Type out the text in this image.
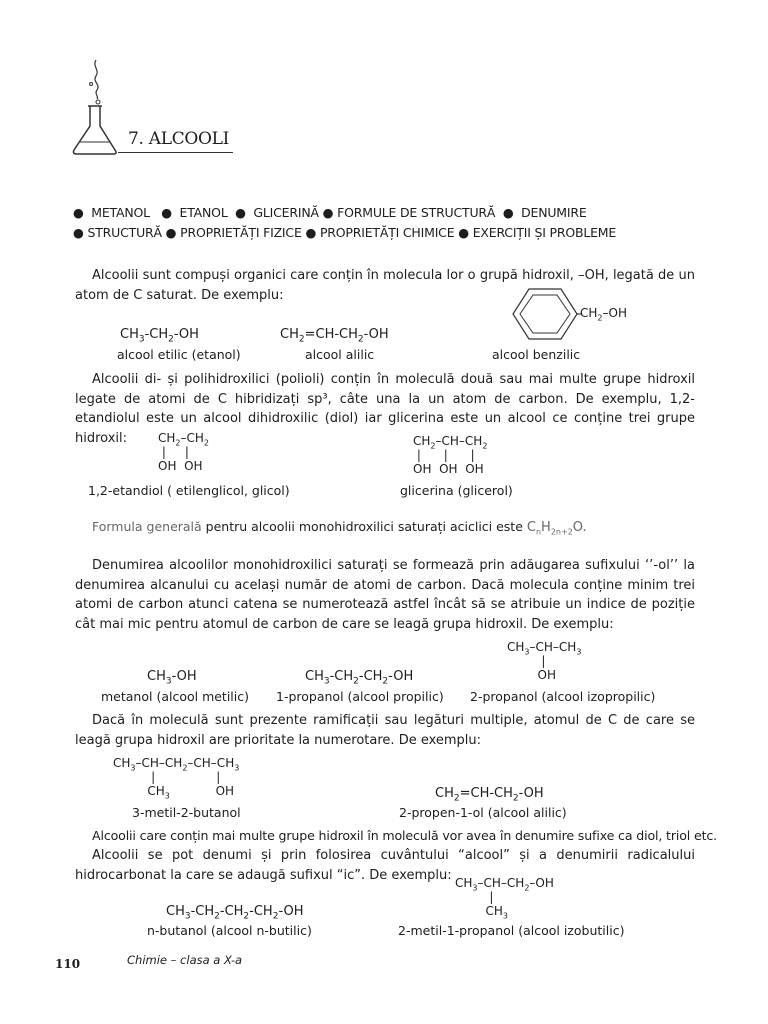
7. ALCOOLI
● METANOL ● ETANOL ● GLICERINĂ ● FORMULE DE STRUCTURĂ ● DENUMIRE
● STRUCTURĂ ● PROPRIETĂȚI FIZICE ● PROPRIETĂȚI CHIMICE ● EXERCIȚII ȘI PROBLEME
Alcoolii sunt compuși organici care conțin în molecula lor o grupă hidroxil, –OH, legată de un atom de C saturat. De exemplu:
$CH_2-OH$
$CH_3-CH_2-OH$	$CH_2=CH-CH_2-OH$
alcool etilic (etanol)	alcool alilic	alcool benzilic
Alcoolii di- și polihidroxilici (polioli) conțin în moleculă două sau mai multe grupe hidroxil legate de atomi de C hibridizați sp³, câte una la un atom de carbon. De exemplu, 1,2-etandiolul este un alcool dihidroxilic (diol) iar glicerina este un alcool ce conține trei grupe hidroxil:	$CH_2-CH_2$
|     |
OH  OH
$CH_2-CH-CH_2$
|      |      |
OH  OH  OH
1,2-etandiol ( etilenglicol, glicol)	glicerina (glicerol)
Formula generală pentru alcoolii monohidroxilici saturați aciclici este $C_nH_{2n+2}O$.
Denumirea alcoolilor monohidroxilici saturați se formează prin adăugarea sufixului ‘’-ol’’ la denumirea alcanului cu același număr de atomi de carbon. Dacă molecula conține minim trei atomi de carbon atunci catena se numerotează astfel încât să se atribuie un indice de poziție cât mai mic pentru atomul de carbon de care se leagă grupa hidroxil. De exemplu:
$CH_3-CH-CH_3$
|
OH
$CH_3-OH$	$CH_3-CH_2-CH_2-OH$
metanol (alcool metilic) 1-propanol (alcool propilic) 2-propanol (alcool izopropilic)
Dacă în moleculă sunt prezente ramificații sau legături multiple, atomul de C de care se leagă grupa hidroxil are prioritate la numerotare. De exemplu:
$CH_3-CH-CH_2-CH-CH_3$
|                |
$CH_3$            OH	$CH_2=CH-CH_2-OH$
3-metil-2-butanol	2-propen-1-ol (alcool alilic)
Alcoolii care conțin mai multe grupe hidroxil în moleculă vor avea în denumire sufixe ca diol, triol etc.
Alcoolii se pot denumi și prin folosirea cuvântului “alcool” și a denumirii radicalului hidrocarbonat la care se adaugă sufixul “ic”. De exemplu:
$CH_3-CH-CH_2-OH$
|
$CH_3$
$CH_3-CH_2-CH_2-CH_2-OH$
n-butanol (alcool n-butilic)	2-metil-1-propanol (alcool izobutilic)
110	Chimie – clasa a X-a
